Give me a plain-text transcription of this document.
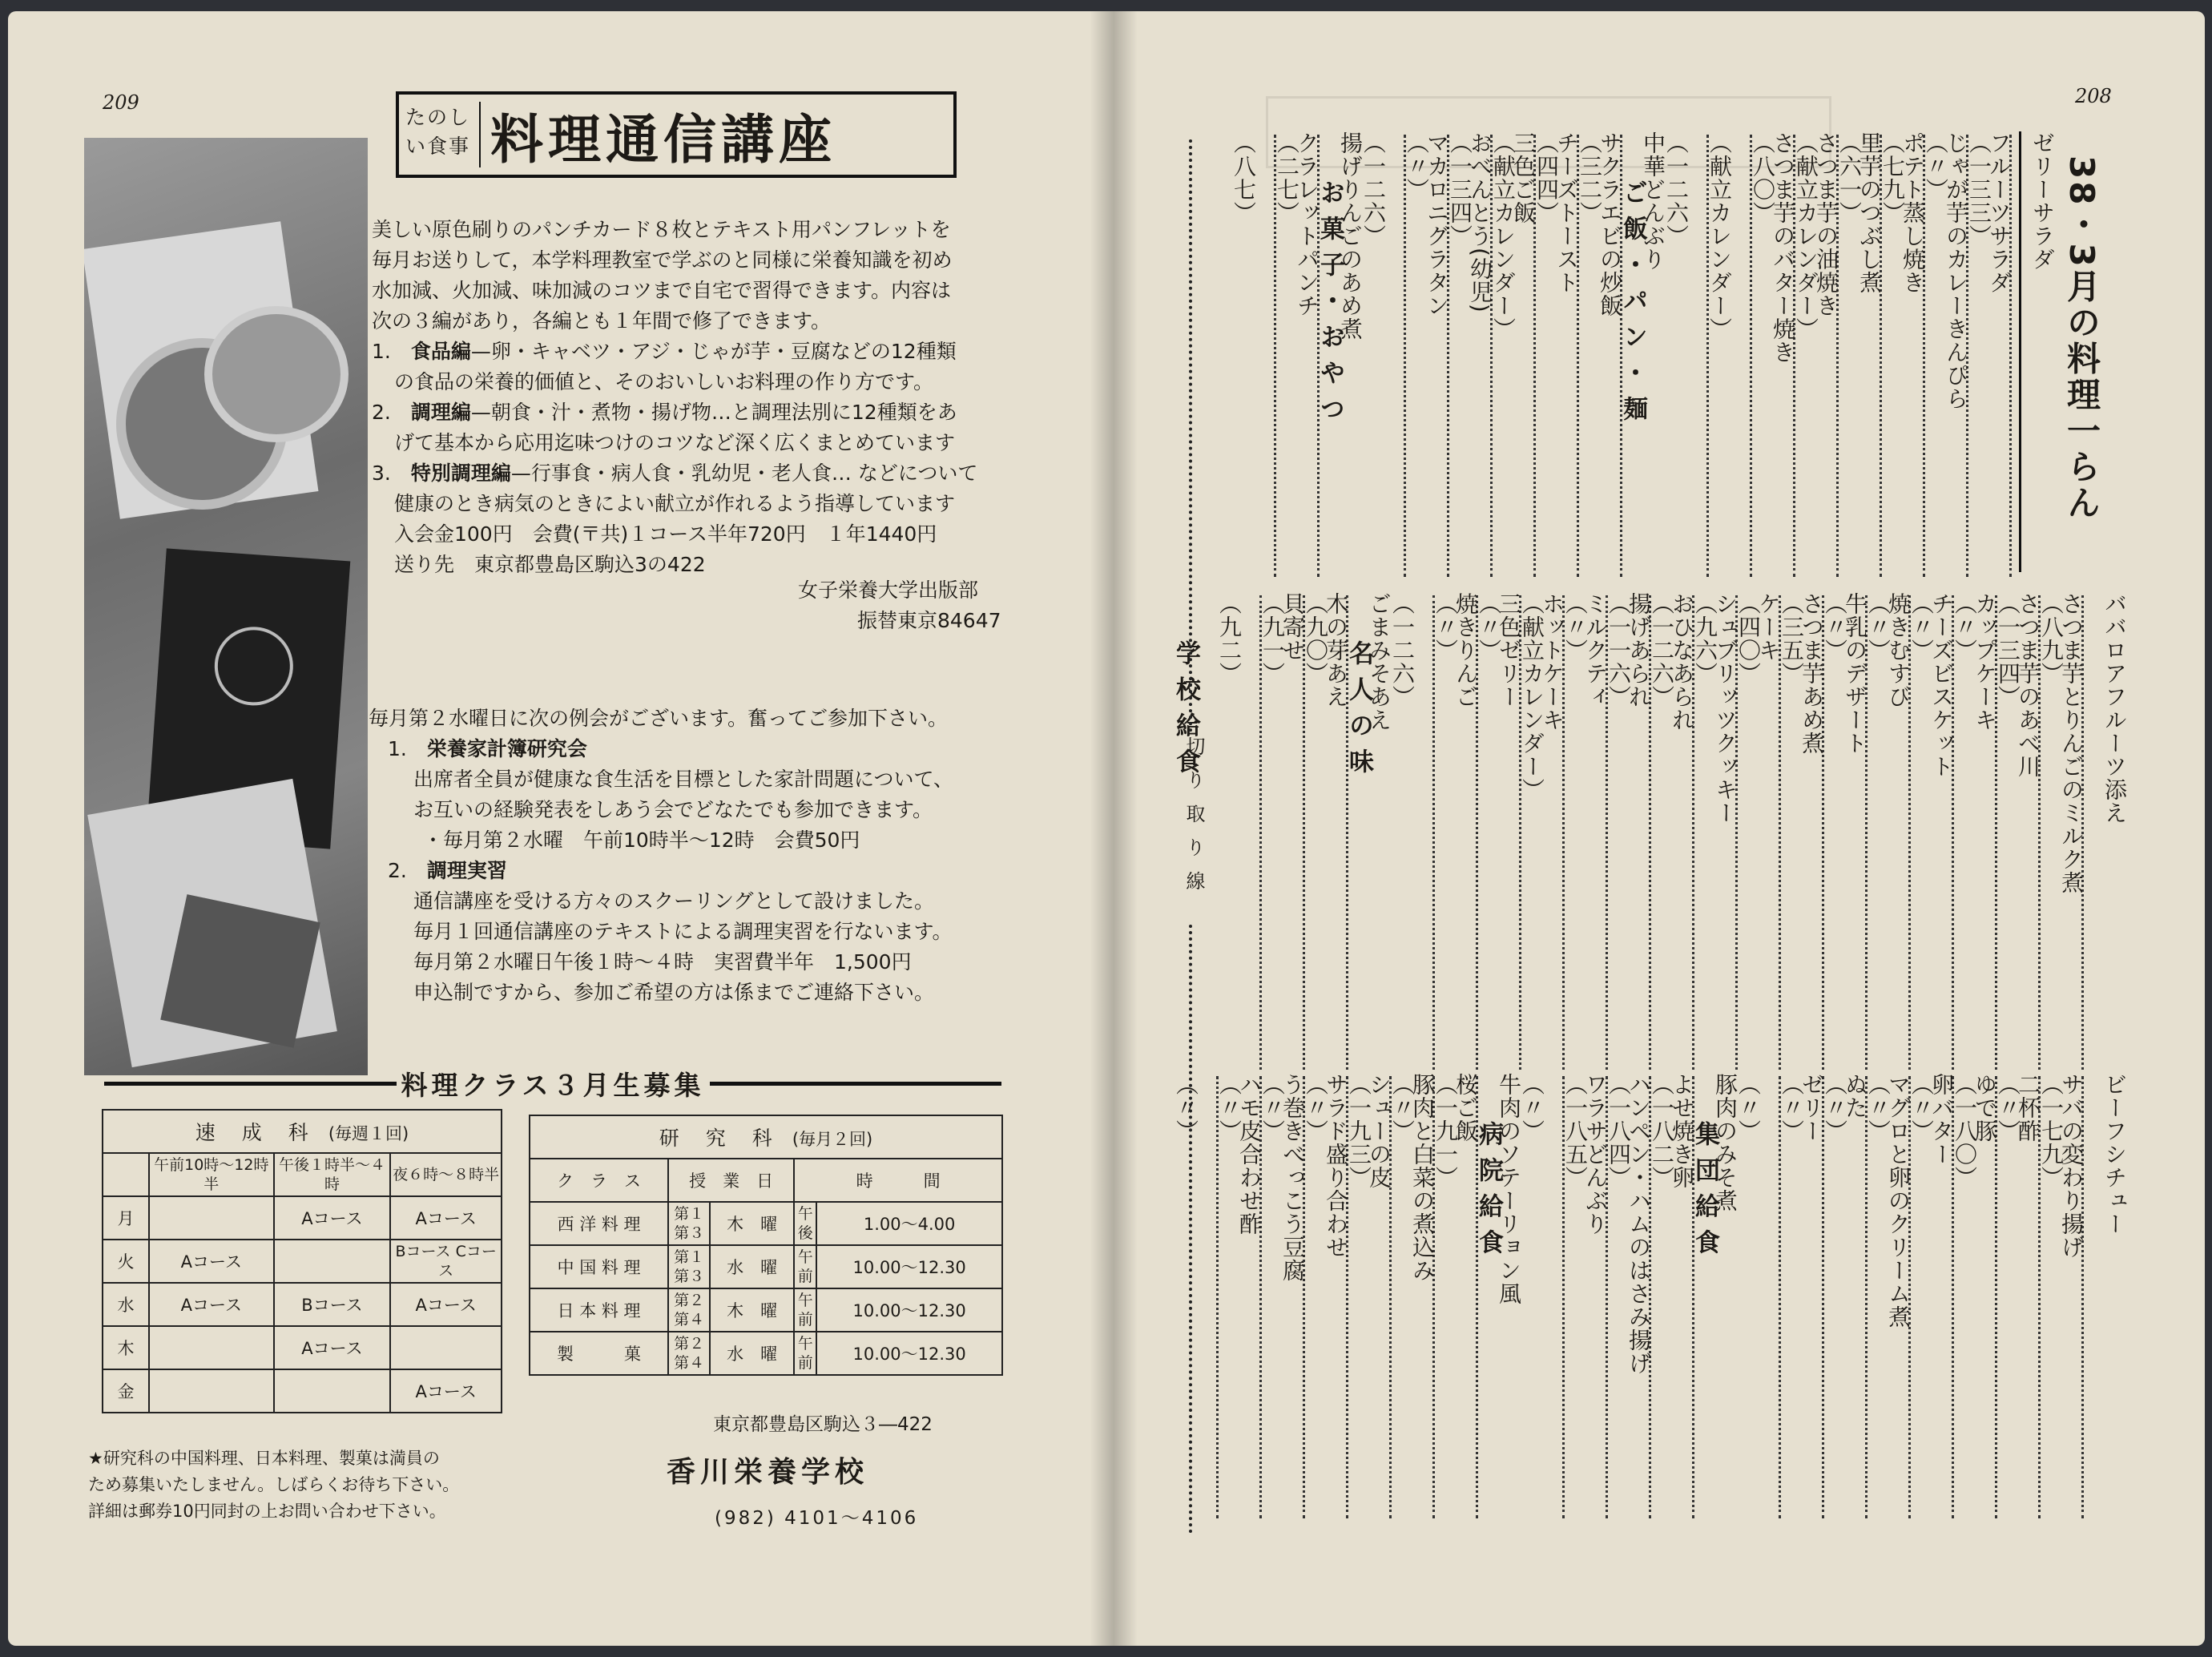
209
たのしい食事 料理通信講座
美しい原色刷りのパンチカード８枚とテキスト用パンフレットを
毎月お送りして，本学料理教室で学ぶのと同様に栄養知識を初め
水加減、火加減、味加減のコツまで自宅で習得できます。内容は
次の３編があり，各編とも１年間で修了できます。
1.　 食品編—卵・キャベツ・アジ・じゃが芋・豆腐などの12種類
の食品の栄養的価値と、そのおいしいお料理の作り方です。
2.　 調理編—朝食・汁・煮物・揚げ物…と調理法別に12種類をあ
げて基本から応用迄味つけのコツなど深く広くまとめています
3.　 特別調理編—行事食・病人食・乳幼児・老人食… などについて
健康のとき病気のときによい献立が作れるよう指導しています
入会金100円　会費(〒共)１コース半年720円　１年1440円
送り先　東京都豊島区駒込3の422
女子栄養大学出版部
振替東京84647
毎月第２水曜日に次の例会がございます。奮ってご参加下さい。
1.　 栄養家計簿研究会
出席者全員が健康な食生活を目標とした家計問題について、
お互いの経験発表をしあう会でどなたでも参加できます。
・毎月第２水曜　午前10時半～12時　会費50円
2.　 調理実習
通信講座を受ける方々のスクーリングとして設けました。
毎月１回通信講座のテキストによる調理実習を行ないます。
毎月第２水曜日午後１時～４時　実習費半年　1,500円
申込制ですから、参加ご希望の方は係までご連絡下さい。
料理クラス３月生募集
速　成　科　 (毎週１回)			
	午前10時～12時半	午後１時半～４時	夜６時～８時半
月		Aコース	Aコース
火	Aコース		Bコース Cコース
水	Aコース	Bコース	Aコース
木		Aコース	
金			Aコース
研　究　科　 (毎月２回)				
ク　ラ　ス	授　業　日		時　　　間	
西 洋 料 理	第１ 第３	木　曜	午後	1.00～4.00
中 国 料 理	第１ 第３	水　曜	午前	10.00～12.30
日 本 料 理	第２ 第４	木　曜	午前	10.00～12.30
製　　　菓	第２ 第４	水　曜	午前	10.00～12.30
★研究科の中国料理、日本料理、製菓は満員の
ため募集いたしません。しばらくお待ち下さい。
詳細は郵券10円同封の上お問い合わせ下さい。
東京都豊島区駒込３―422
香川栄養学校
(982) 4101～4106
208
38・3月の料理一らん
ゼリーサラダ
（一三三）
フルーツサラダ
（〃）
じゃが芋のカレーきんぴら
（七九）
ポテト蒸し焼き
（六一）
里芋のつぶし煮
（献立カレンダー）
さつま芋の油焼き
（八〇）
さつま芋のバター焼き
（献立カレンダー）
（一二六）
ご飯・パン・麺
中華どんぶり
（三二）
サクラエビの炒飯
（四四）
チーズトースト
（献立カレンダー）
三色ご飯
（一三四）
おべんとう(幼児)
（〃）
マカロニグラタン
（一二六）
お菓子・おやつ
揚げりんごのあめ煮
（二七）
クラレットパンチ
（八七）
ババロアフルーツ添え
（八九）
さつま芋とりんごのミルク煮
（一三四）
さつま芋のあべ川
（〃）
カップケーキ
（〃）
チーズビスケット
（〃）
焼きむすび
（〃）
牛乳のデザート
（三五）
さつま芋あめ煮
（四〇）
ケーキ
（九六）
シュブリッツクッキー
（一二六）
おひなあられ
（一一六）
揚げあられ
（〃）
ミルクティ
（献立カレンダー）
ホットケーキ
（〃）
三色ゼリー
（〃）
焼きりんご
（一二六）
名人の味
ごまみそあえ
（九〇）
木の芽あえ
（九一）
貝寄せ
（九二）
学校給食
ビーフシチュー
（一七九）
サバの変わり揚げ
（〃）
二杯酢
（一八〇）
ゆで豚
（〃）
卵バター
（〃）
マグロと卵のクリーム煮
（〃）
ぬた
（〃）
ゼリー
（〃）
集団給食
豚肉のみそ煮
（一八二）
よせ焼き卵
（一八四）
ハンペン・ハムのはさみ揚げ
（一八五）
ワラサどんぶり
（〃）
病院給食
牛肉のソテーリョン風
（一九一）
桜ご飯
（〃）
豚肉と白菜の煮込み
（一九三）
シューの皮
（〃）
サラド盛り合わせ
（〃）
う巻きべっこう豆腐
（〃）
ハモ皮合わせ酢
（〃）
切り取り線
